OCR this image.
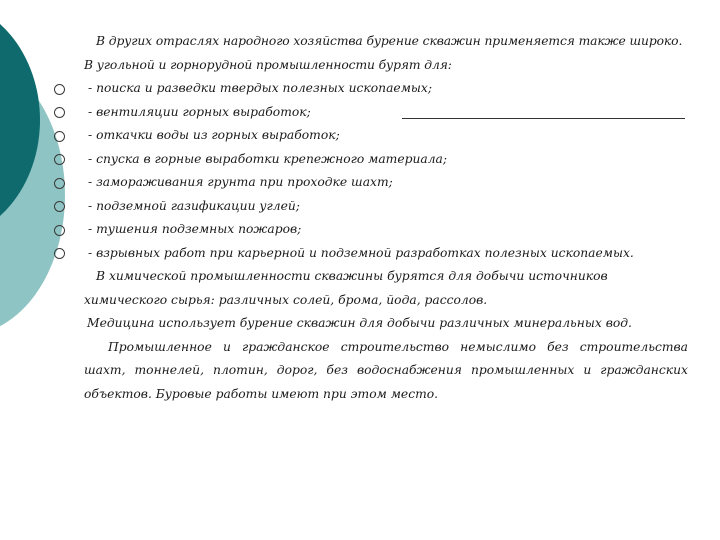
В других отраслях народного хозяйства бурение скважин применяется также широко. В угольной и горнорудной промышленности бурят для:

- поиска и разведки твердых полезных ископаемых;

- вентиляции горных выработок;

- откачки воды из горных выработок;

- спуска в горные выработки крепежного материала;

- замораживания грунта при проходке шахт;

- подземной газификации углей;

- тушения подземных пожаров;

- взрывных работ при карьерной и подземной разработках полезных ископаемых.

В химической промышленности скважины бурятся для добычи источников химического сырья: различных солей, брома, йода, рассолов.

Медицина использует бурение скважин для добычи различных минеральных вод.

Промышленное и гражданское строительство немыслимо без строительства шахт, тоннелей, плотин, дорог, без водоснабжения промышленных и гражданских объектов. Буровые работы имеют при этом место.
